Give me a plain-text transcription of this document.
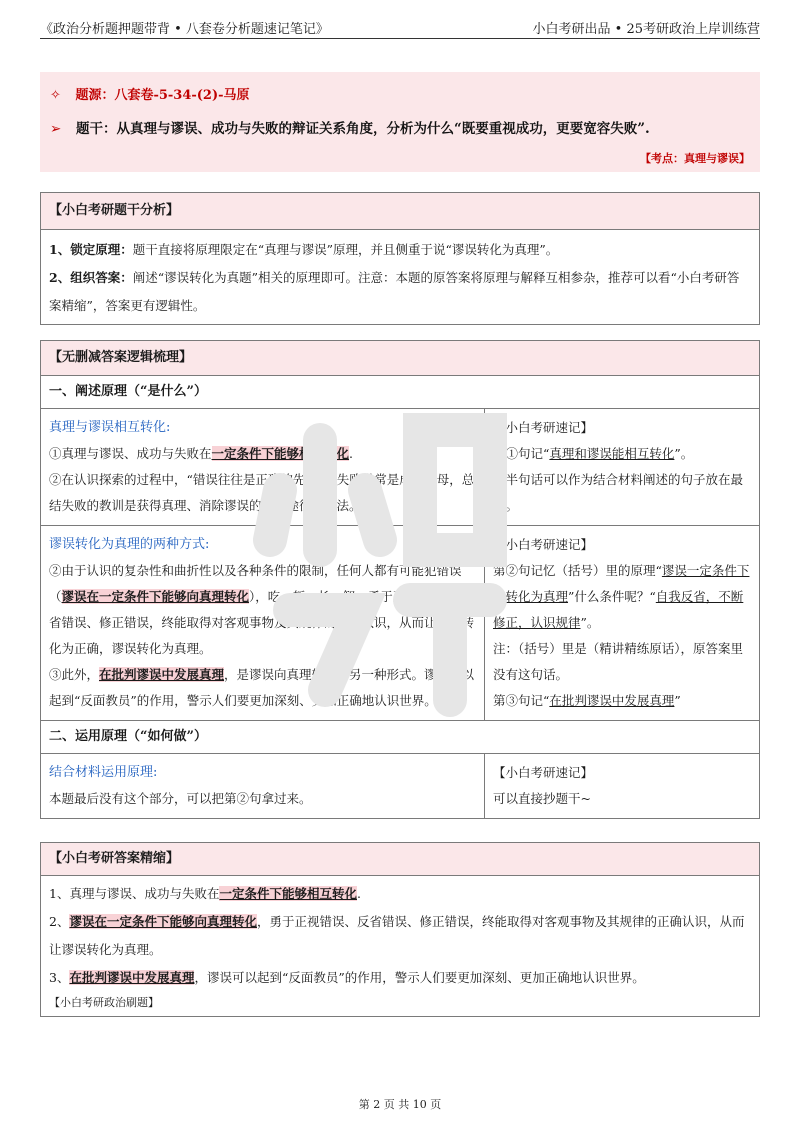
《政治分析题押题带背 • 八套卷分析题速记笔记》	小白考研出品 • 25考研政治上岸训练营
✧ 题源：八套卷-5-34-(2)-马原
➢ 题干：从真理与谬误、成功与失败的辩证关系角度，分析为什么“既要重视成功，更要宽容失败”.
【考点：真理与谬误】
【小白考研题干分析】
1、锁定原理：题干直接将原理限定在“真理与谬误”原理，并且侧重于说“谬误转化为真理”。
2、组织答案：阐述“谬误转化为真题”相关的原理即可。注意：本题的原答案将原理与解释互相参杂，推荐可以看“小白考研答案精缩”，答案更有逻辑性。
【无删减答案逻辑梳理】
一、阐述原理（“是什么”）
真理与谬误相互转化:
①真理与谬误、成功与失败在一定条件下能够相互转化.
②在认识探索的过程中，“错误往往是正确的先导”，失败常常是成功之母，总结失败的教训是获得真理、消除谬误的重要途径和方法。
【小白考研速记】
第①句记“真理和谬误能相互转化”。
后半句话可以作为结合材料阐述的句子放在最后。
谬误转化为真理的两种方式:
②由于认识的复杂性和曲折性以及各种条件的限制，任何人都有可能犯错误（谬误在一定条件下能够向真理转化），吃一堑、长一智，勇于正视错误、反省错误、修正错误，终能取得对客观事物及其规律的正确认识，从而让错误转化为正确，谬误转化为真理。
③此外，在批判谬误中发展真理，是谬误向真理转化的另一种形式。谬误可以起到“反面教员”的作用，警示人们要更加深刻、更加正确地认识世界。
【小白考研速记】
第②句记忆（括号）里的原理“谬误一定条件下能转化为真理”什么条件呢？“自我反省，不断修正，认识规律”。
注：（括号）里是（精讲精练原话），原答案里没有这句话。
第③句记“在批判谬误中发展真理”
二、运用原理（“如何做”）
结合材料运用原理:
本题最后没有这个部分，可以把第②句拿过来。
【小白考研速记】
可以直接抄题干~
【小白考研答案精缩】
1、真理与谬误、成功与失败在一定条件下能够相互转化.
2、谬误在一定条件下能够向真理转化，勇于正视错误、反省错误、修正错误，终能取得对客观事物及其规律的正确认识，从而让谬误转化为真理。
3、在批判谬误中发展真理，谬误可以起到“反面教员”的作用，警示人们要更加深刻、更加正确地认识世界。
【小白考研政治刷题】
第 2 页 共 10 页
